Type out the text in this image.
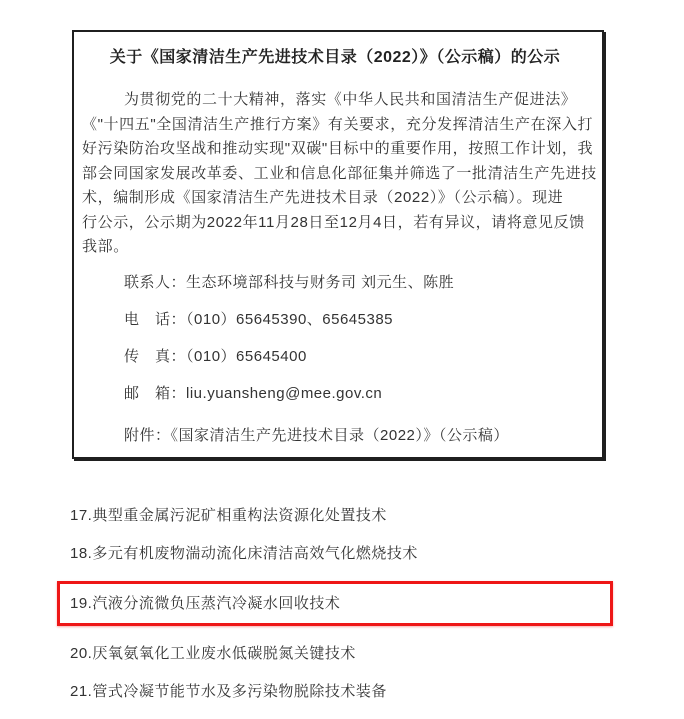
关于《国家清洁生产先进技术目录（2022）》（公示稿）的公示
为贯彻党的二十大精神，落实《中华人民共和国清洁生产促进法》
《"十四五"全国清洁生产推行方案》有关要求，充分发挥清洁生产在深入打
好污染防治攻坚战和推动实现"双碳"目标中的重要作用，按照工作计划，我
部会同国家发展改革委、工业和信息化部征集并筛选了一批清洁生产先进技
术，编制形成《国家清洁生产先进技术目录（2022）》（公示稿）。现进
行公示，公示期为2022年11月28日至12月4日，若有异议，请将意见反馈
我部。
联系人：生态环境部科技与财务司 刘元生、陈胜
电　话：（010）65645390、65645385
传　真：（010）65645400
邮　箱：liu.yuansheng@mee.gov.cn
附件：《国家清洁生产先进技术目录（2022）》（公示稿）
17.典型重金属污泥矿相重构法资源化处置技术
18.多元有机废物湍动流化床清洁高效气化燃烧技术
19.汽液分流微负压蒸汽冷凝水回收技术
20.厌氧氨氧化工业废水低碳脱氮关键技术
21.管式冷凝节能节水及多污染物脱除技术装备
